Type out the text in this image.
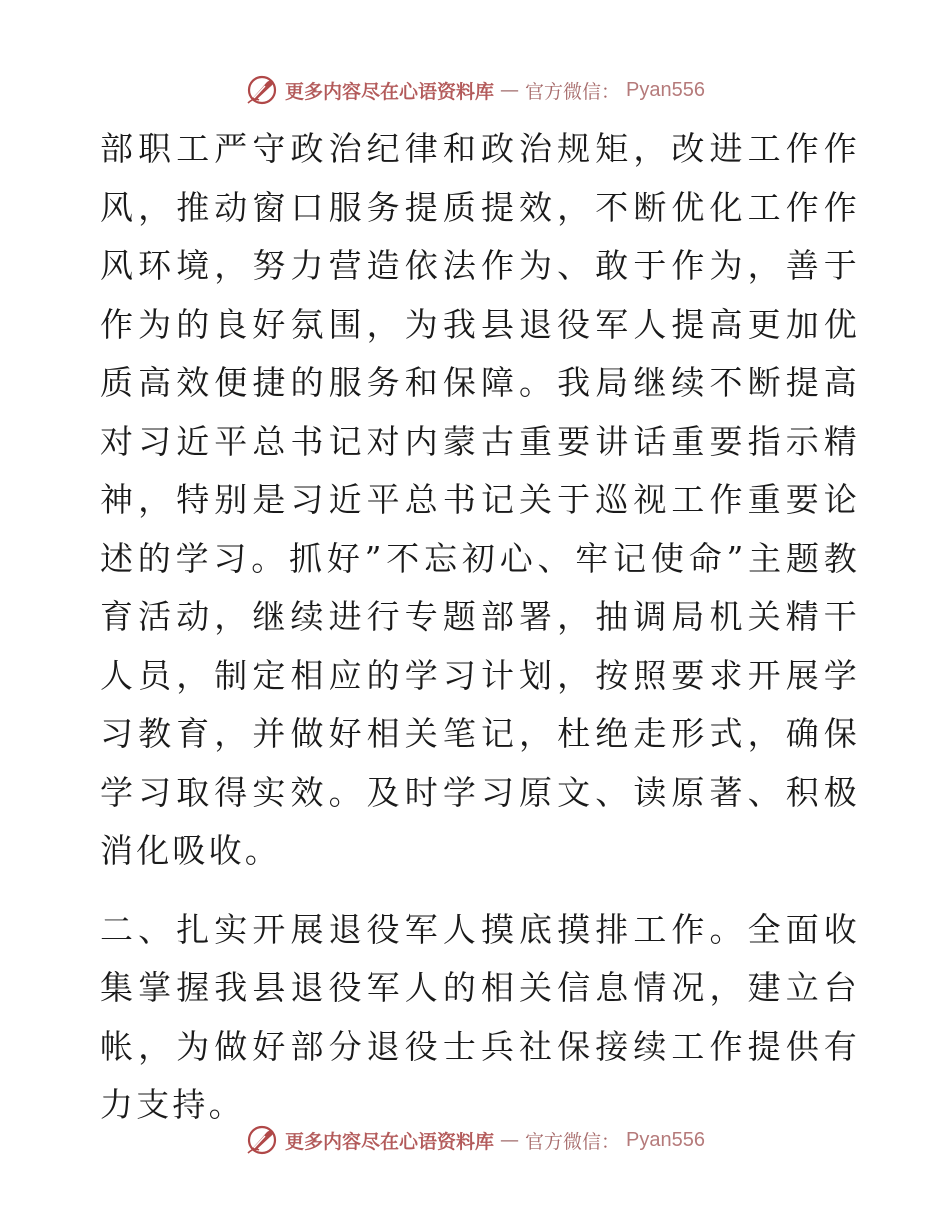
更多内容尽在心语资料库 — 官方微信： Pyan556

部职工严守政治纪律和政治规矩，改进工作作风，推动窗口服务提质提效，不断优化工作作风环境，努力营造依法作为、敢于作为，善于作为的良好氛围，为我县退役军人提高更加优质高效便捷的服务和保障。我局继续不断提高对习近平总书记对内蒙古重要讲话重要指示精神，特别是习近平总书记关于巡视工作重要论述的学习。抓好”不忘初心、牢记使命”主题教育活动，继续进行专题部署，抽调局机关精干人员，制定相应的学习计划，按照要求开展学习教育，并做好相关笔记，杜绝走形式，确保学习取得实效。及时学习原文、读原著、积极消化吸收。

二、扎实开展退役军人摸底摸排工作。全面收集掌握我县退役军人的相关信息情况，建立台帐，为做好部分退役士兵社保接续工作提供有力支持。

更多内容尽在心语资料库 — 官方微信： Pyan556
